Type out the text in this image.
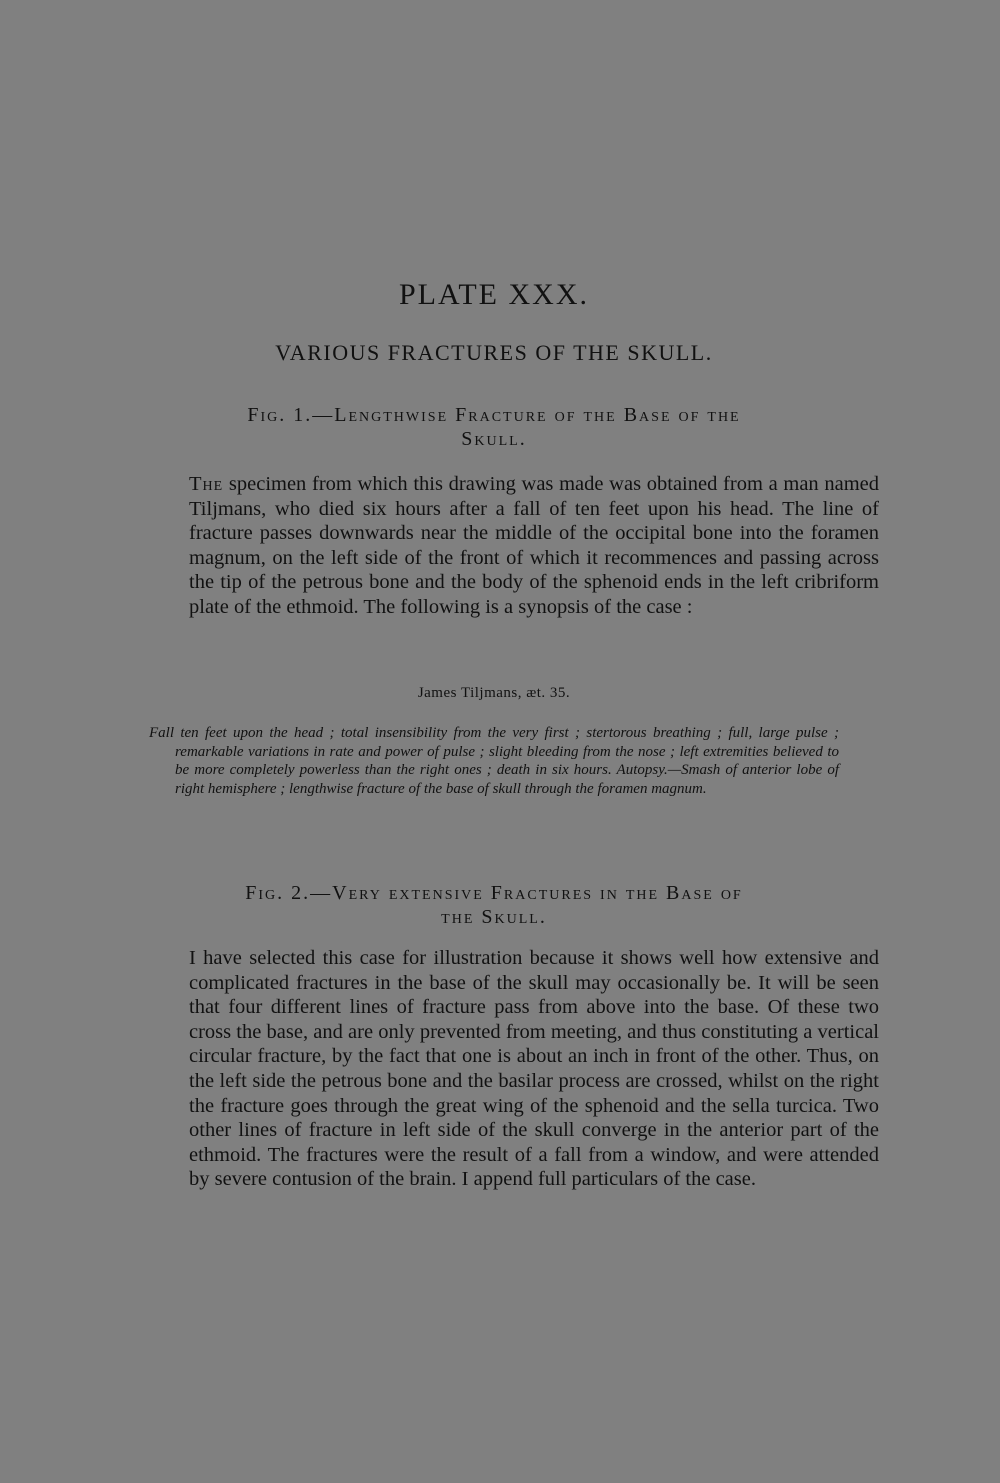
PLATE XXX.
VARIOUS FRACTURES OF THE SKULL.
Fig. 1.—Lengthwise Fracture of the Base of the
Skull.

The specimen from which this drawing was made was obtained from a man named Tiljmans, who died six hours after a fall of ten feet upon his head. The line of fracture passes downwards near the middle of the occipital bone into the foramen magnum, on the left side of the front of which it recommences and passing across the tip of the petrous bone and the body of the sphenoid ends in the left cribriform plate of the ethmoid. The following is a synopsis of the case :

James Tiljmans, æt. 35.

Fall ten feet upon the head ; total insensibility from the very first ; stertorous breathing ; full, large pulse ; remarkable variations in rate and power of pulse ; slight bleeding from the nose ; left extremities believed to be more completely powerless than the right ones ; death in six hours. Autopsy.—Smash of anterior lobe of right hemisphere ; lengthwise fracture of the base of skull through the foramen magnum.

Fig. 2.—Very extensive Fractures in the Base of
the Skull.

I have selected this case for illustration because it shows well how extensive and complicated fractures in the base of the skull may occasionally be. It will be seen that four different lines of fracture pass from above into the base. Of these two cross the base, and are only prevented from meeting, and thus constituting a vertical circular fracture, by the fact that one is about an inch in front of the other. Thus, on the left side the petrous bone and the basilar process are crossed, whilst on the right the fracture goes through the great wing of the sphenoid and the sella turcica. Two other lines of fracture in left side of the skull converge in the anterior part of the ethmoid. The fractures were the result of a fall from a window, and were attended by severe contusion of the brain. I append full particulars of the case.
